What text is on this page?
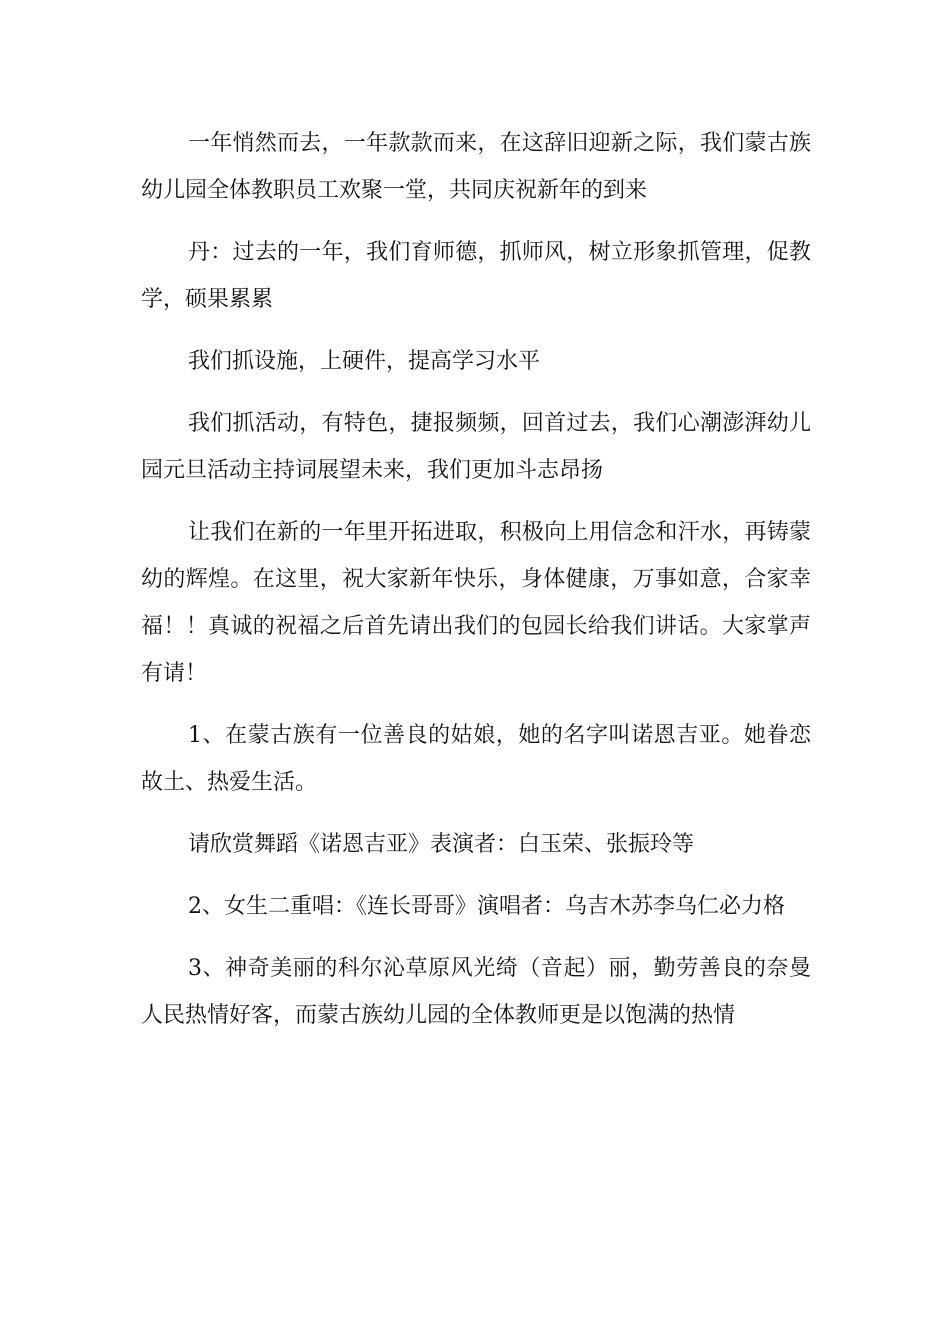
一年悄然而去，一年款款而来，在这辞旧迎新之际，我们蒙古族幼儿园全体教职员工欢聚一堂，共同庆祝新年的到来

丹：过去的一年，我们育师德，抓师风，树立形象抓管理，促教学，硕果累累

我们抓设施，上硬件，提高学习水平

我们抓活动，有特色，捷报频频，回首过去，我们心潮澎湃幼儿园元旦活动主持词展望未来，我们更加斗志昂扬

让我们在新的一年里开拓进取，积极向上用信念和汗水，再铸蒙幼的辉煌。在这里，祝大家新年快乐，身体健康，万事如意，合家幸福！！真诚的祝福之后首先请出我们的包园长给我们讲话。大家掌声有请！

1、在蒙古族有一位善良的姑娘，她的名字叫诺恩吉亚。她眷恋故土、热爱生活。

请欣赏舞蹈《诺恩吉亚》表演者：白玉荣、张振玲等

2、女生二重唱：《连长哥哥》演唱者：乌吉木苏李乌仁必力格

3、神奇美丽的科尔沁草原风光绮（音起）丽，勤劳善良的奈曼人民热情好客，而蒙古族幼儿园的全体教师更是以饱满的热情
